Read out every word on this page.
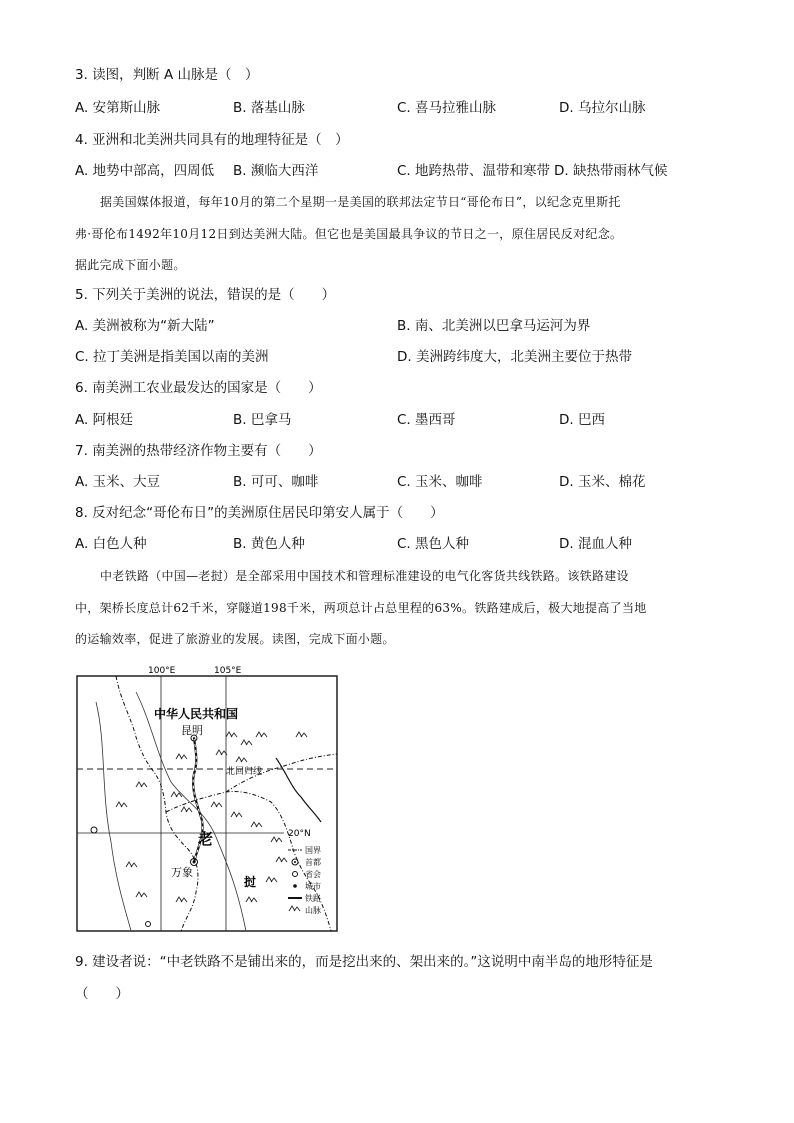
3. 读图，判断 A 山脉是（　）
A. 安第斯山脉	B. 落基山脉	C. 喜马拉雅山脉	D. 乌拉尔山脉
4. 亚洲和北美洲共同具有的地理特征是（　）
A. 地势中部高，四周低 B. 濒临大西洋	C. 地跨热带、温带和寒带 D. 缺热带雨林气候
据美国媒体报道，每年10月的第二个星期一是美国的联邦法定节日“哥伦布日”，以纪念克里斯托
弗·哥伦布1492年10月12日到达美洲大陆。但它也是美国最具争议的节日之一，原住居民反对纪念。
据此完成下面小题。
5. 下列关于美洲的说法，错误的是（　　）
A. 美洲被称为“新大陆”	B. 南、北美洲以巴拿马运河为界
C. 拉丁美洲是指美国以南的美洲	D. 美洲跨纬度大，北美洲主要位于热带
6. 南美洲工农业最发达的国家是（　　）
A. 阿根廷	B. 巴拿马	C. 墨西哥	D. 巴西
7. 南美洲的热带经济作物主要有（　　）
A. 玉米、大豆	B. 可可、咖啡	C. 玉米、咖啡	D. 玉米、棉花
8. 反对纪念“哥伦布日”的美洲原住居民印第安人属于（　　）
A. 白色人种	B. 黄色人种	C. 黑色人种	D. 混血人种
中老铁路（中国—老挝）是全部采用中国技术和管理标准建设的电气化客货共线铁路。该铁路建设
中，架桥长度总计62千米，穿隧道198千米，两项总计占总里程的63%。铁路建成后，极大地提高了当地
的运输效率，促进了旅游业的发展。读图，完成下面小题。
100°E	105°E
20°N
中华人民共和国
昆明
北回归线
老
挝
万象
国界
首都
省会
城市
铁路
山脉
9. 建设者说：“中老铁路不是铺出来的，而是挖出来的、架出来的。”这说明中南半岛的地形特征是
（　　）
